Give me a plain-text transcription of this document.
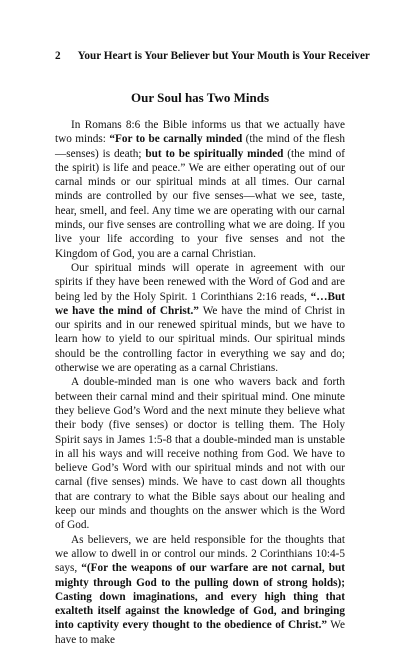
2 Your Heart is Your Believer but Your Mouth is Your Receiver
Our Soul has Two Minds

In Romans 8:6 the Bible informs us that we actually have two minds: “For to be carnally minded (the mind of the flesh—senses) is death; but to be spiritually minded (the mind of the spirit) is life and peace.” We are either operating out of our carnal minds or our spiritual minds at all times. Our carnal minds are controlled by our five senses—what we see, taste, hear, smell, and feel. Any time we are operating with our carnal minds, our five senses are controlling what we are doing. If you live your life according to your five senses and not the Kingdom of God, you are a carnal Christian.

Our spiritual minds will operate in agreement with our spirits if they have been renewed with the Word of God and are being led by the Holy Spirit. 1 Corinthians 2:16 reads, “…But we have the mind of Christ.” We have the mind of Christ in our spirits and in our renewed spiritual minds, but we have to learn how to yield to our spiritual minds. Our spiritual minds should be the controlling factor in everything we say and do; otherwise we are operating as a carnal Christians.

A double-minded man is one who wavers back and forth between their carnal mind and their spiritual mind. One minute they believe God’s Word and the next minute they believe what their body (five senses) or doctor is telling them. The Holy Spirit says in James 1:5-8 that a double-minded man is unstable in all his ways and will receive nothing from God. We have to believe God’s Word with our spiritual minds and not with our carnal (five senses) minds. We have to cast down all thoughts that are contrary to what the Bible says about our healing and keep our minds and thoughts on the answer which is the Word of God.

As believers, we are held responsible for the thoughts that we allow to dwell in or control our minds. 2 Corinthians 10:4-5 says, “(For the weapons of our warfare are not carnal, but mighty through God to the pulling down of strong holds); Casting down imaginations, and every high thing that exalteth itself against the knowledge of God, and bringing into captivity every thought to the obedience of Christ.” We have to make
